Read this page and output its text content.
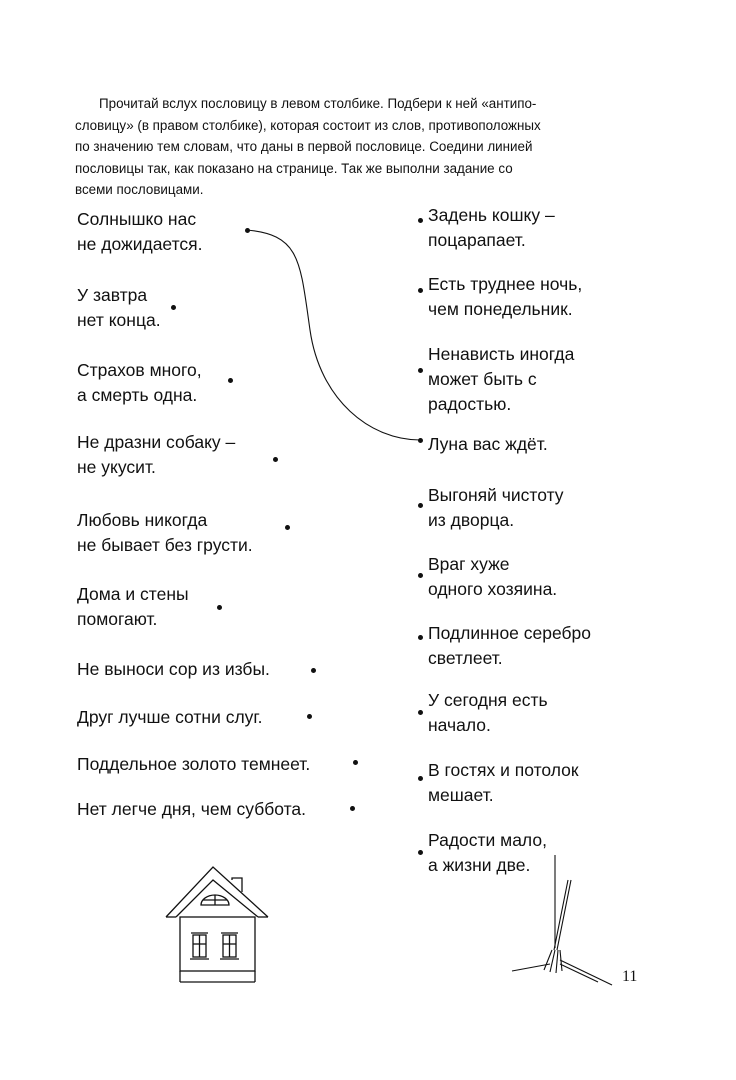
Прочитай вслух пословицу в левом столбике. Подбери к ней «антипо-
словицу» (в правом столбике), которая состоит из слов, противоположных
по значению тем словам, что даны в первой пословице. Соедини линией
пословицы так, как показано на странице. Так же выполни задание со
всеми пословицами.
Солнышко нас
не дожидается.
У завтра
нет конца.
Страхов много,
а смерть одна.
Не дразни собаку –
не укусит.
Любовь никогда
не бывает без грусти.
Дома и стены
помогают.
Не выноси сор из избы.
Друг лучше сотни слуг.
Поддельное золото темнеет.
Нет легче дня, чем суббота.
Задень кошку –
поцарапает.
Есть труднее ночь,
чем понедельник.
Ненависть иногда
может быть с
радостью.
Луна вас ждёт.
Выгоняй чистоту
из дворца.
Враг хуже
одного хозяина.
Подлинное серебро
светлеет.
У сегодня есть
начало.
В гостях и потолок
мешает.
Радости мало,
а жизни две.
11
